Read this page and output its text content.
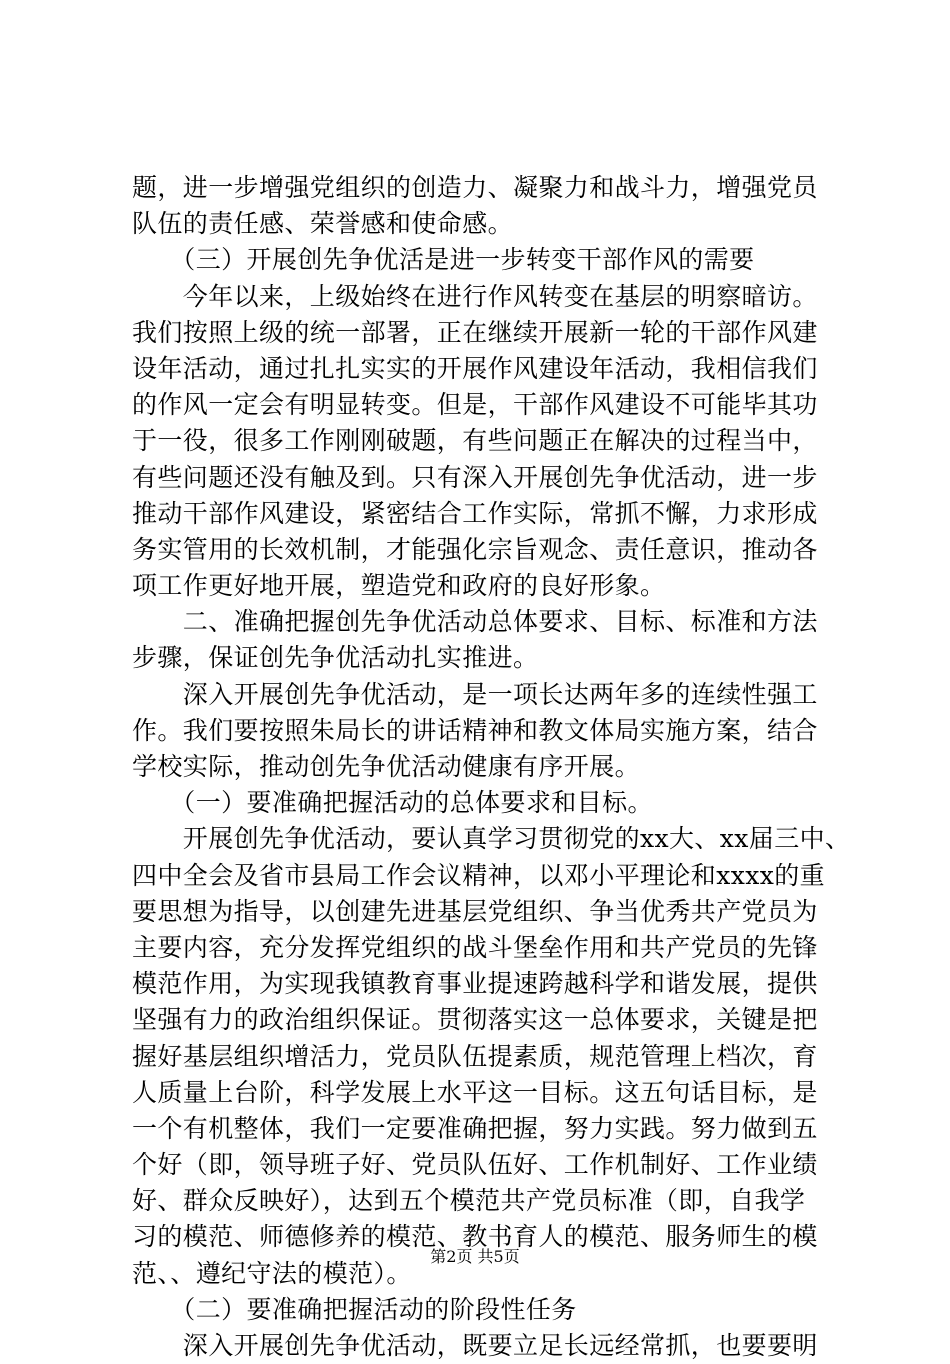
题，进一步增强党组织的创造力、凝聚力和战斗力，增强党员
队伍的责任感、荣誉感和使命感。
　　（三）开展创先争优活是进一步转变干部作风的需要
　　今年以来，上级始终在进行作风转变在基层的明察暗访。
我们按照上级的统一部署，正在继续开展新一轮的干部作风建
设年活动，通过扎扎实实的开展作风建设年活动，我相信我们
的作风一定会有明显转变。但是，干部作风建设不可能毕其功
于一役，很多工作刚刚破题，有些问题正在解决的过程当中，
有些问题还没有触及到。只有深入开展创先争优活动，进一步
推动干部作风建设，紧密结合工作实际，常抓不懈，力求形成
务实管用的长效机制，才能强化宗旨观念、责任意识，推动各
项工作更好地开展，塑造党和政府的良好形象。
　　二、准确把握创先争优活动总体要求、目标、标准和方法
步骤，保证创先争优活动扎实推进。
　　深入开展创先争优活动，是一项长达两年多的连续性强工
作。我们要按照朱局长的讲话精神和教文体局实施方案，结合
学校实际，推动创先争优活动健康有序开展。
　　（一）要准确把握活动的总体要求和目标。
　　开展创先争优活动，要认真学习贯彻党的xx大、xx届三中、
四中全会及省市县局工作会议精神，以邓小平理论和xxxx的重
要思想为指导，以创建先进基层党组织、争当优秀共产党员为
主要内容，充分发挥党组织的战斗堡垒作用和共产党员的先锋
模范作用，为实现我镇教育事业提速跨越科学和谐发展，提供
坚强有力的政治组织保证。贯彻落实这一总体要求，关键是把
握好基层组织增活力，党员队伍提素质，规范管理上档次，育
人质量上台阶，科学发展上水平这一目标。这五句话目标，是
一个有机整体，我们一定要准确把握，努力实践。努力做到五
个好（即，领导班子好、党员队伍好、工作机制好、工作业绩
好、群众反映好），达到五个模范共产党员标准（即，自我学
习的模范、师德修养的模范、教书育人的模范、服务师生的模
范、、遵纪守法的模范）。
　　（二）要准确把握活动的阶段性任务
　　深入开展创先争优活动，既要立足长远经常抓，也要要明
第2页 共5页
